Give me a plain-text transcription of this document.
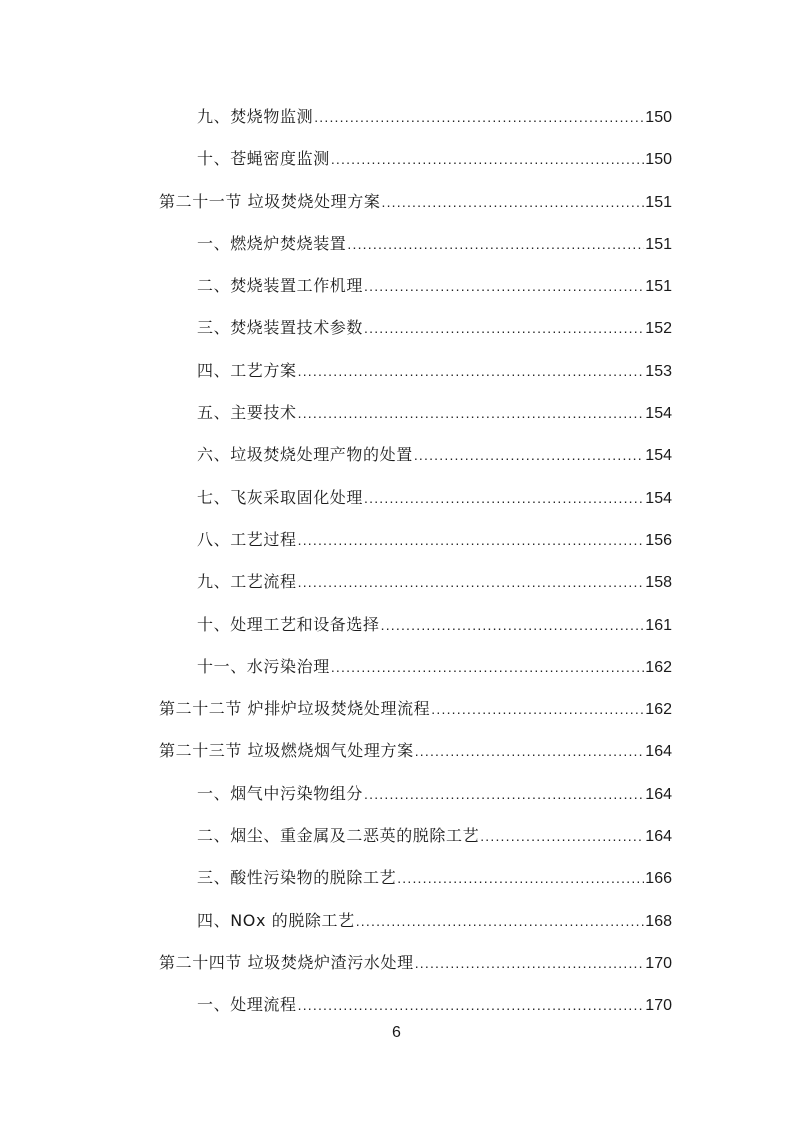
九、焚烧物监测 .....	150
十、苍蝇密度监测 .....	150
第二十一节 垃圾焚烧处理方案 .....	151
一、燃烧炉焚烧装置 .....	151
二、焚烧装置工作机理 .....	151
三、焚烧装置技术参数 .....	152
四、工艺方案 .....	153
五、主要技术 .....	154
六、垃圾焚烧处理产物的处置 .....	154
七、飞灰采取固化处理 .....	154
八、工艺过程 .....	156
九、工艺流程 .....	158
十、处理工艺和设备选择 .....	161
十一、水污染治理 .....	162
第二十二节 炉排炉垃圾焚烧处理流程 .....	162
第二十三节 垃圾燃烧烟气处理方案 .....	164
一、烟气中污染物组分 .....	164
二、烟尘、重金属及二恶英的脱除工艺 .....	164
三、酸性污染物的脱除工艺 .....	166
四、NOx 的脱除工艺 .....	168
第二十四节 垃圾焚烧炉渣污水处理 .....	170
一、处理流程 .....	170
6
